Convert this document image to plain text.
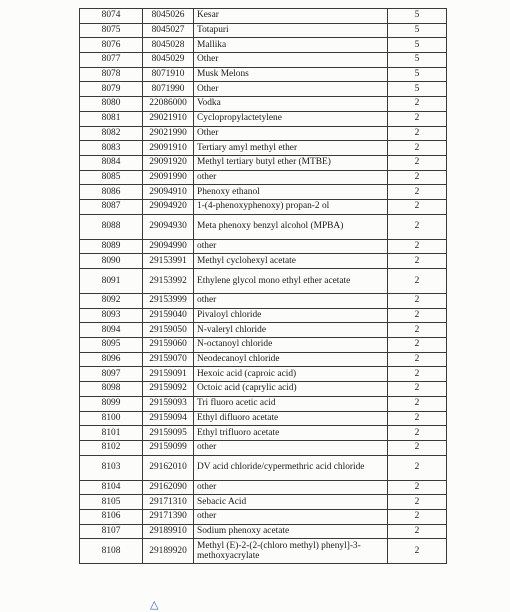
8074	8045026	Kesar	5
8075	8045027	Totapuri	5
8076	8045028	Mallika	5
8077	8045029	Other	5
8078	8071910	Musk Melons	5
8079	8071990	Other	5
8080	22086000	Vodka	2
8081	29021910	Cyclopropylactetylene	2
8082	29021990	Other	2
8083	29091910	Tertiary amyl methyl ether	2
8084	29091920	Methyl tertiary butyl ether (MTBE)	2
8085	29091990	other	2
8086	29094910	Phenoxy ethanol	2
8087	29094920	1-(4-phenoxyphenoxy) propan-2 ol	2
8088	29094930	Meta phenoxy benzyl alcohol (MPBA)	2
8089	29094990	other	2
8090	29153991	Methyl cyclohexyl acetate	2
8091	29153992	Ethylene glycol mono ethyl ether acetate	2
8092	29153999	other	2
8093	29159040	Pivaloyl chloride	2
8094	29159050	N-valeryl chloride	2
8095	29159060	N-octanoyl chloride	2
8096	29159070	Neodecanoyl chloride	2
8097	29159091	Hexoic acid (caproic acid)	2
8098	29159092	Octoic acid (caprylic acid)	2
8099	29159093	Tri fluoro acetic acid	2
8100	29159094	Ethyl difluoro acetate	2
8101	29159095	Ethyl trifluoro acetate	2
8102	29159099	other	2
8103	29162010	DV acid chloride/cypermethric acid chloride	2
8104	29162090	other	2
8105	29171310	Sebacic Acid	2
8106	29171390	other	2
8107	29189910	Sodium phenoxy acetate	2
8108	29189920	Methyl (E)-2-(2-(chloro methyl) phenyl]-3-methoxyacrylate	2
△
